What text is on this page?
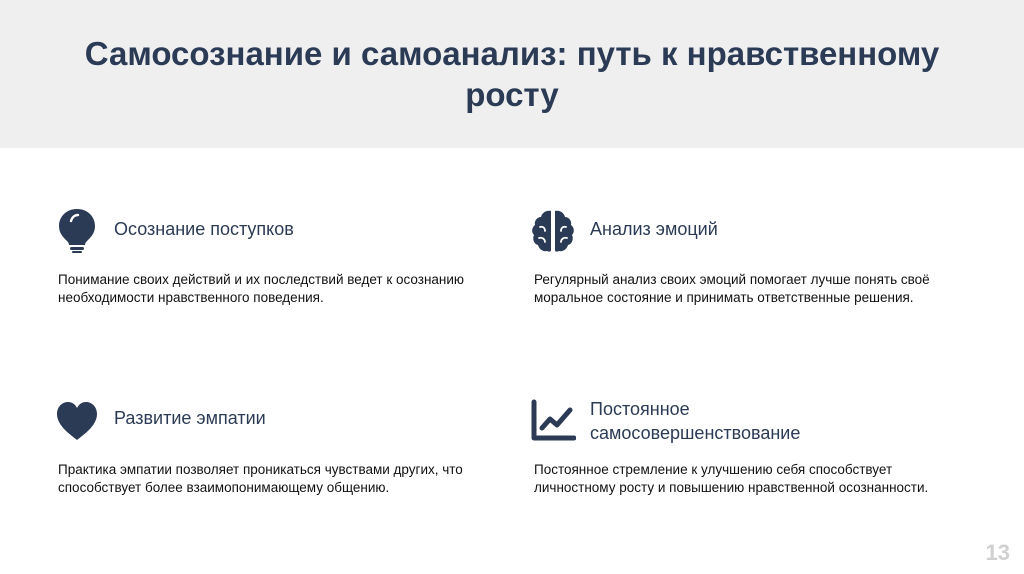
Самосознание и самоанализ: путь к нравственному росту
Осознание поступков
Понимание своих действий и их последствий ведет к осознанию необходимости нравственного поведения.
Анализ эмоций
Регулярный анализ своих эмоций помогает лучше понять своё моральное состояние и принимать ответственные решения.
Развитие эмпатии
Практика эмпатии позволяет проникаться чувствами других, что способствует более взаимопонимающему общению.
Постоянное самосовершенствование
Постоянное стремление к улучшению себя способствует личностному росту и повышению нравственной осознанности.
13
